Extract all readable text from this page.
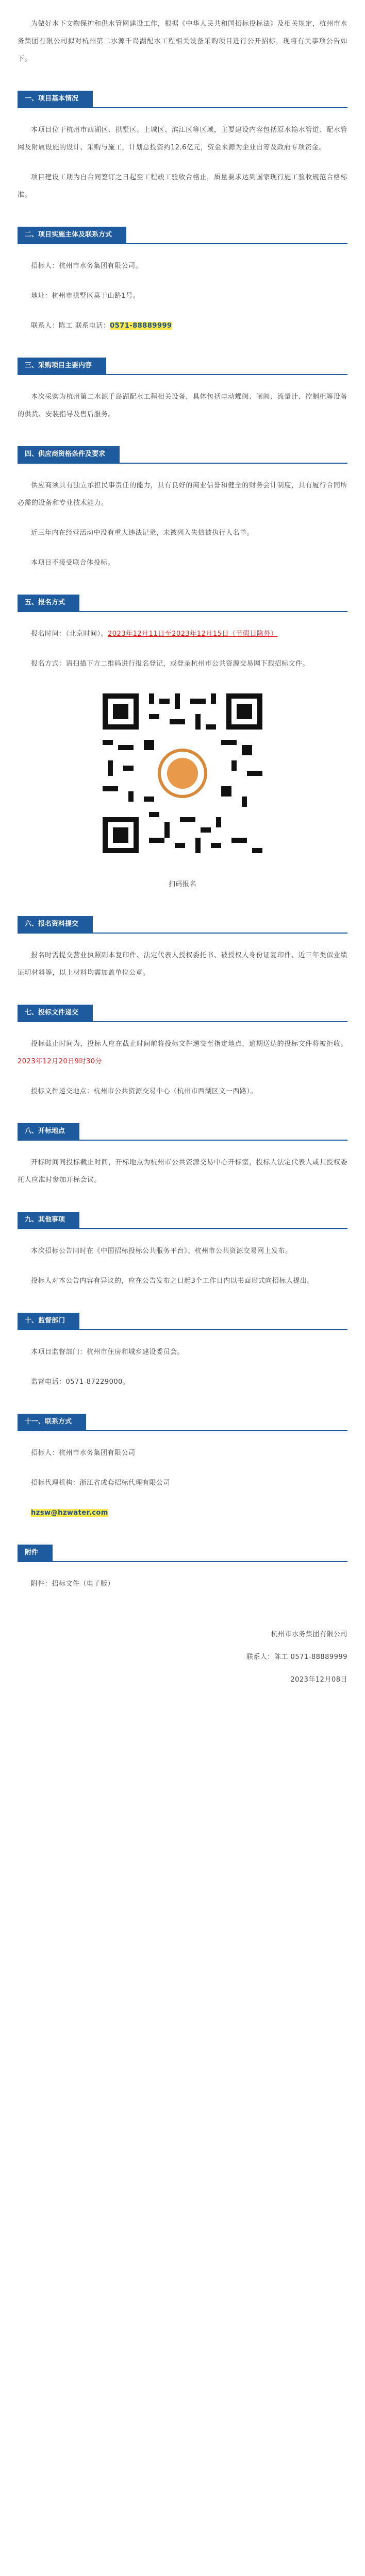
为做好水下文物保护和供水管网建设工作，根据《中华人民共和国招标投标法》及相关规定，杭州市水务集团有限公司拟对杭州第二水源千岛湖配水工程相关设备采购项目进行公开招标，现将有关事项公告如下。

一、项目基本情况

本项目位于杭州市西湖区、拱墅区、上城区、滨江区等区域，主要建设内容包括原水输水管道、配水管网及附属设施的设计、采购与施工，计划总投资约12.6亿元，资金来源为企业自筹及政府专项资金。

项目建设工期为自合同签订之日起至工程竣工验收合格止，质量要求达到国家现行施工验收规范合格标准。

二、项目实施主体及联系方式

招标人：杭州市水务集团有限公司。

地址：杭州市拱墅区莫干山路1号。

联系人：陈工 联系电话：0571-88889999

三、采购项目主要内容

本次采购为杭州第二水源千岛湖配水工程相关设备，具体包括电动蝶阀、闸阀、流量计、控制柜等设备的供货、安装指导及售后服务。

四、供应商资格条件及要求

供应商须具有独立承担民事责任的能力，具有良好的商业信誉和健全的财务会计制度，具有履行合同所必需的设备和专业技术能力。

近三年内在经营活动中没有重大违法记录，未被列入失信被执行人名单。

本项目不接受联合体投标。

五、报名方式

报名时间：（北京时间）。2023年12月11日至2023年12月15日（节假日除外）

报名方式：请扫描下方二维码进行报名登记，或登录杭州市公共资源交易网下载招标文件。

扫码报名

六、报名资料提交

报名时需提交营业执照副本复印件、法定代表人授权委托书、被授权人身份证复印件、近三年类似业绩证明材料等，以上材料均需加盖单位公章。

七、投标文件递交

投标截止时间为，投标人应在截止时间前将投标文件递交至指定地点，逾期送达的投标文件将被拒收。2023年12月20日9时30分

投标文件递交地点：杭州市公共资源交易中心（杭州市西湖区文一西路）。

八、开标地点

开标时间同投标截止时间，开标地点为杭州市公共资源交易中心开标室，投标人法定代表人或其授权委托人应准时参加开标会议。

九、其他事项

本次招标公告同时在《中国招标投标公共服务平台》、杭州市公共资源交易网上发布。

投标人对本公告内容有异议的，应在公告发布之日起3个工作日内以书面形式向招标人提出。

十、监督部门

本项目监督部门：杭州市住房和城乡建设委员会。

监督电话：0571-87229000。

十一、联系方式

招标人：杭州市水务集团有限公司

招标代理机构：浙江省成套招标代理有限公司

hzsw@hzwater.com

附件

附件：招标文件（电子版）

杭州市水务集团有限公司

联系人：陈工 0571-88889999

2023年12月08日
